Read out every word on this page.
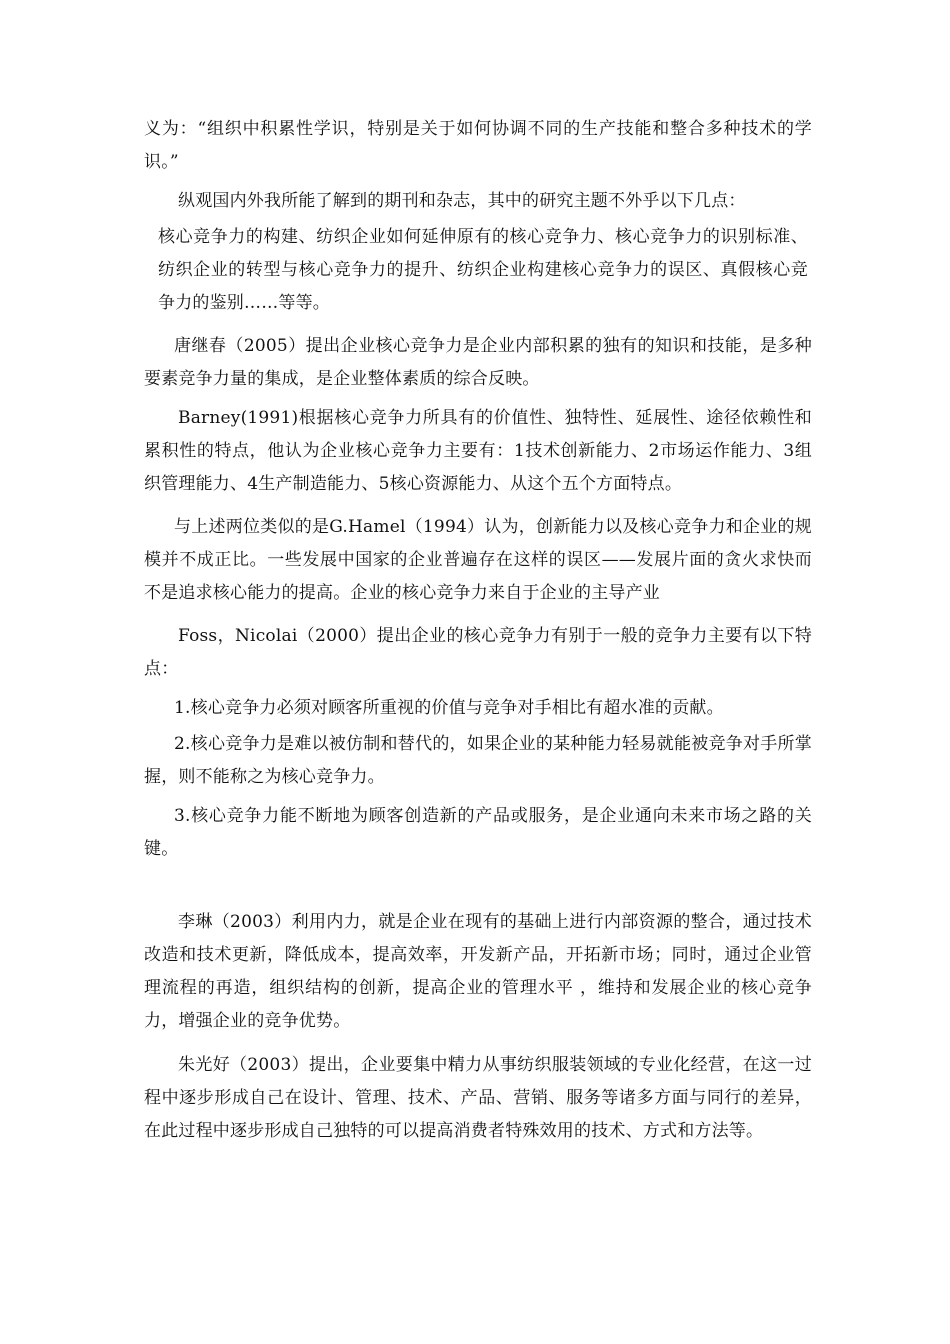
义为：“组织中积累性学识，特别是关于如何协调不同的生产技能和整合多种技术的学识。”

纵观国内外我所能了解到的期刊和杂志，其中的研究主题不外乎以下几点：

核心竞争力的构建、纺织企业如何延伸原有的核心竞争力、核心竞争力的识别标准、纺织企业的转型与核心竞争力的提升、纺织企业构建核心竞争力的误区、真假核心竞争力的鉴别……等等。

唐继春（2005）提出企业核心竞争力是企业内部积累的独有的知识和技能，是多种要素竞争力量的集成，是企业整体素质的综合反映。

Barney(1991)根据核心竞争力所具有的价值性、独特性、延展性、途径依赖性和累积性的特点，他认为企业核心竞争力主要有：1技术创新能力、2市场运作能力、3组织管理能力、4生产制造能力、5核心资源能力、从这个五个方面特点。

与上述两位类似的是G.Hamel（1994）认为，创新能力以及核心竞争力和企业的规模并不成正比。一些发展中国家的企业普遍存在这样的误区——发展片面的贪火求快而不是追求核心能力的提高。企业的核心竞争力来自于企业的主导产业

Foss，Nicolai（2000）提出企业的核心竞争力有别于一般的竞争力主要有以下特点：

1.核心竞争力必须对顾客所重视的价值与竞争对手相比有超水准的贡献。

2.核心竞争力是难以被仿制和替代的，如果企业的某种能力轻易就能被竞争对手所掌握，则不能称之为核心竞争力。

3.核心竞争力能不断地为顾客创造新的产品或服务，是企业通向未来市场之路的关键。

李琳（2003）利用内力，就是企业在现有的基础上进行内部资源的整合，通过技术改造和技术更新，降低成本，提高效率，开发新产品，开拓新市场；同时，通过企业管理流程的再造，组织结构的创新，提高企业的管理水平 ，维持和发展企业的核心竞争力，增强企业的竞争优势。

朱光好（2003）提出，企业要集中精力从事纺织服装领域的专业化经营，在这一过程中逐步形成自己在设计、管理、技术、产品、营销、服务等诸多方面与同行的差异，在此过程中逐步形成自己独特的可以提高消费者特殊效用的技术、方式和方法等。
